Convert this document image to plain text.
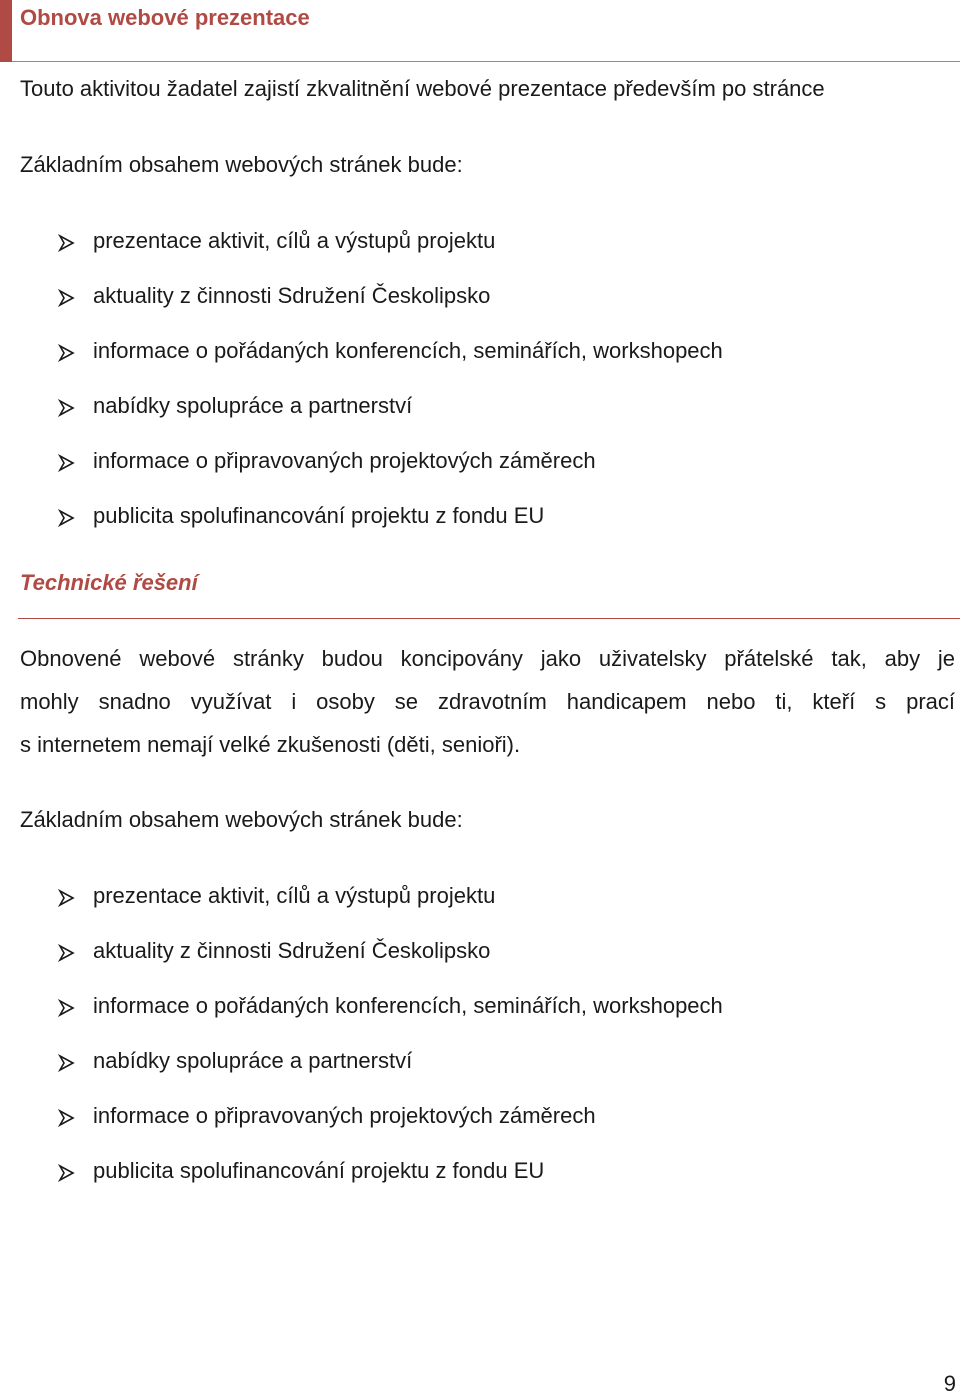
Obnova webové prezentace
Touto aktivitou žadatel zajistí zkvalitnění webové prezentace především po stránce
Základním obsahem webových stránek bude:
prezentace aktivit, cílů a výstupů projektu
aktuality z činnosti Sdružení Českolipsko
informace o pořádaných konferencích, seminářích, workshopech
nabídky spolupráce a partnerství
informace o připravovaných projektových záměrech
publicita spolufinancování projektu z fondu EU
Technické řešení
Obnovené webové stránky budou koncipovány jako uživatelsky přátelské tak, aby je
mohly snadno využívat i osoby se zdravotním handicapem nebo ti, kteří s prací
s internetem nemají velké zkušenosti (děti, senioři).
Základním obsahem webových stránek bude:
prezentace aktivit, cílů a výstupů projektu
aktuality z činnosti Sdružení Českolipsko
informace o pořádaných konferencích, seminářích, workshopech
nabídky spolupráce a partnerství
informace o připravovaných projektových záměrech
publicita spolufinancování projektu z fondu EU
9
